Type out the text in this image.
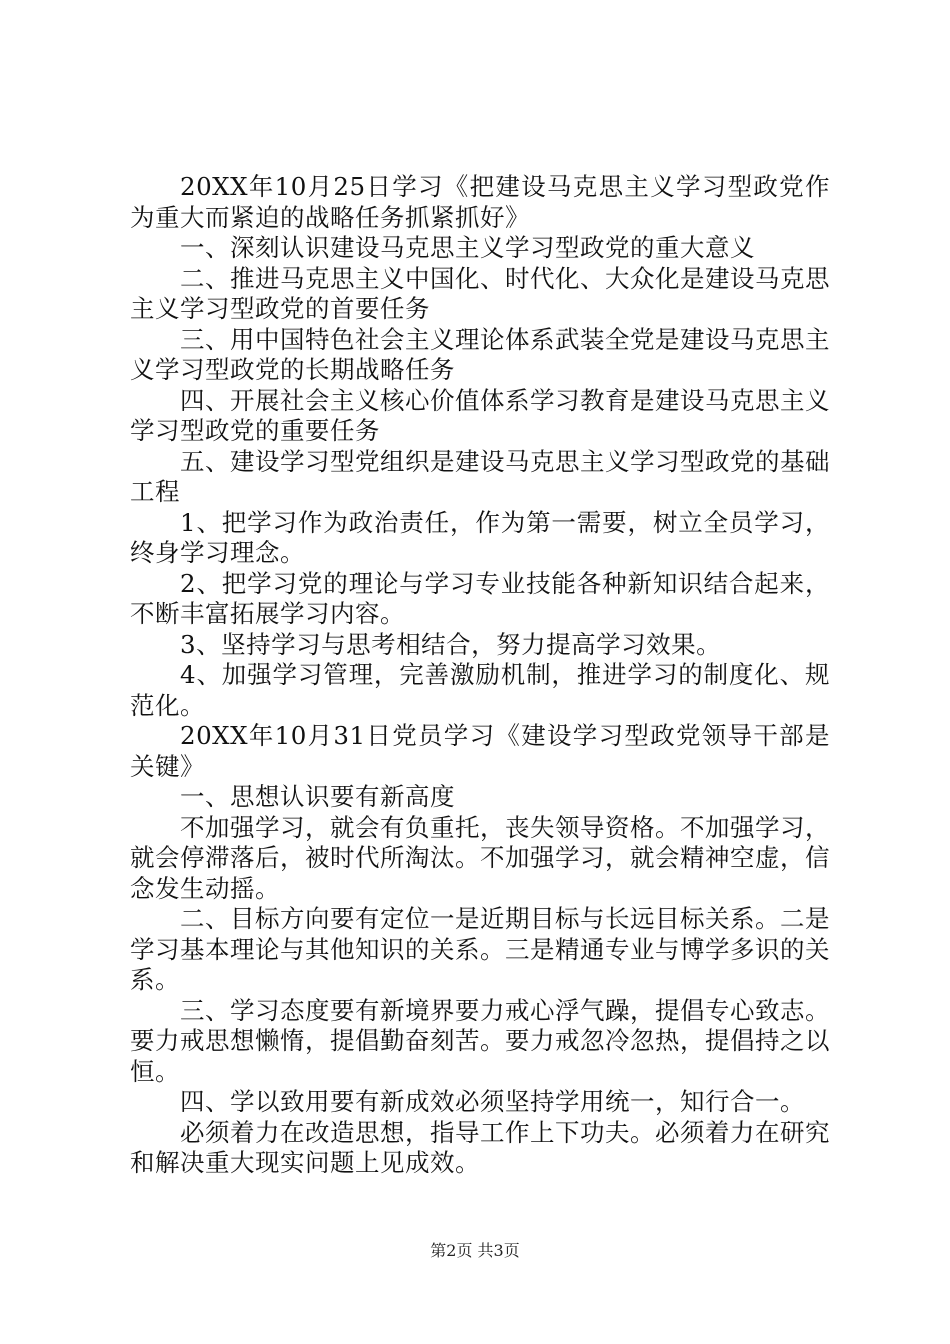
20XX年10月25日学习《把建设马克思主义学习型政党作为重大而紧迫的战略任务抓紧抓好》

一、深刻认识建设马克思主义学习型政党的重大意义

二、推进马克思主义中国化、时代化、大众化是建设马克思主义学习型政党的首要任务

三、用中国特色社会主义理论体系武装全党是建设马克思主义学习型政党的长期战略任务

四、开展社会主义核心价值体系学习教育是建设马克思主义学习型政党的重要任务

五、建设学习型党组织是建设马克思主义学习型政党的基础工程

1、把学习作为政治责任，作为第一需要，树立全员学习，终身学习理念。

2、把学习党的理论与学习专业技能各种新知识结合起来，不断丰富拓展学习内容。

3、坚持学习与思考相结合，努力提高学习效果。

4、加强学习管理，完善激励机制，推进学习的制度化、规范化。

20XX年10月31日党员学习《建设学习型政党领导干部是关键》

一、思想认识要有新高度

不加强学习，就会有负重托，丧失领导资格。不加强学习，就会停滞落后，被时代所淘汰。不加强学习，就会精神空虚，信念发生动摇。

二、目标方向要有定位一是近期目标与长远目标关系。二是学习基本理论与其他知识的关系。三是精通专业与博学多识的关系。

三、学习态度要有新境界要力戒心浮气躁，提倡专心致志。要力戒思想懒惰，提倡勤奋刻苦。要力戒忽冷忽热，提倡持之以恒。

四、学以致用要有新成效必须坚持学用统一，知行合一。

必须着力在改造思想，指导工作上下功夫。必须着力在研究和解决重大现实问题上见成效。

第2页 共3页
